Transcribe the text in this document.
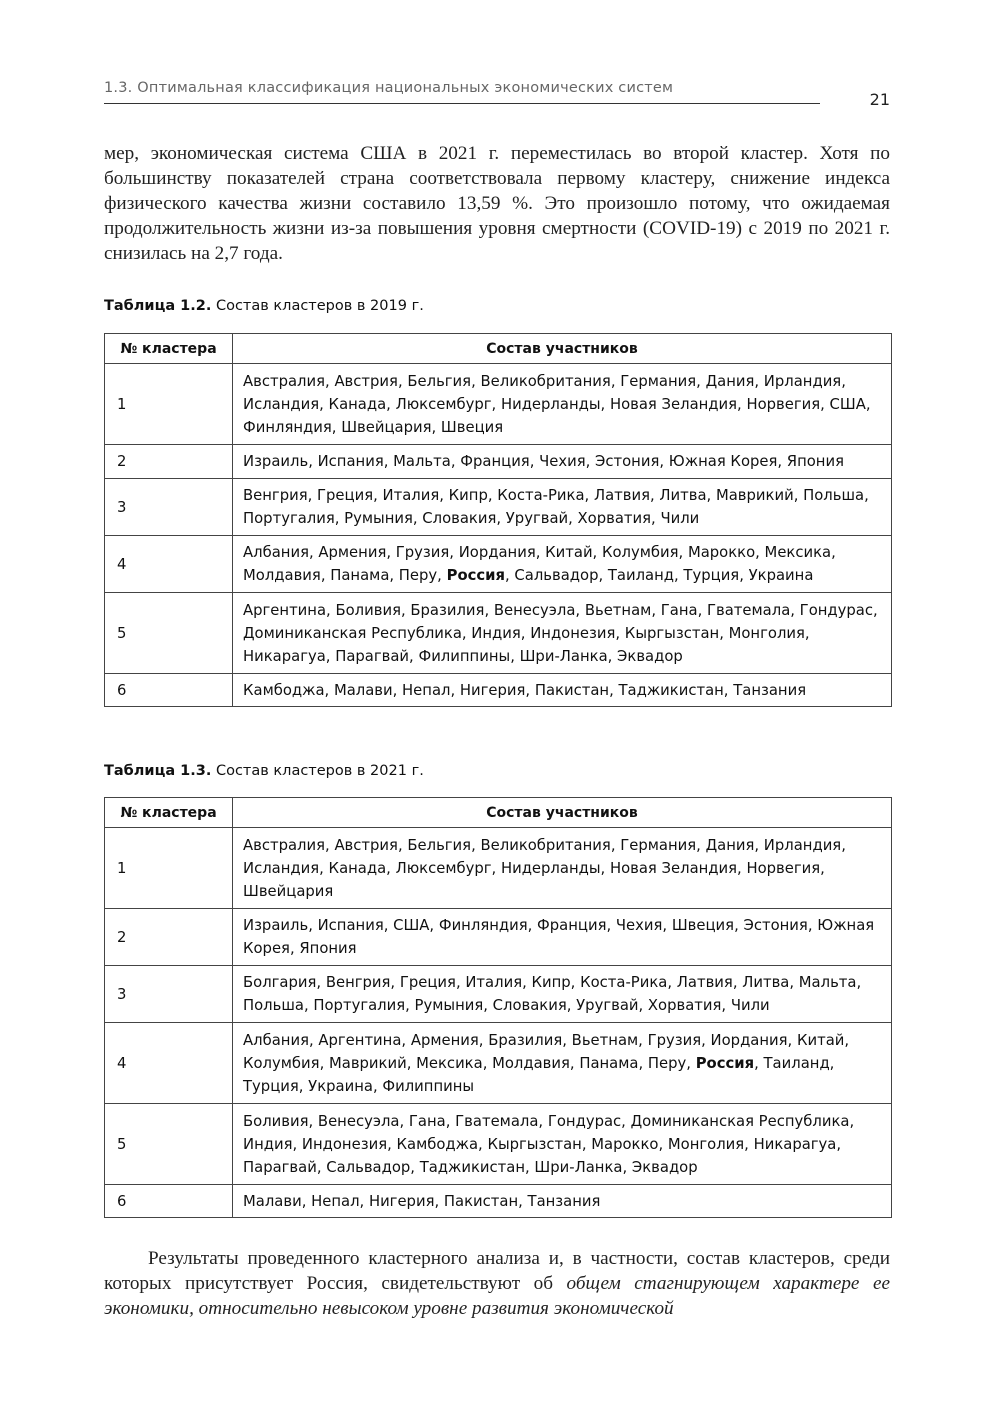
1.3. Оптимальная классификация национальных экономических систем
21

мер, экономическая система США в 2021 г. переместилась во второй кластер. Хотя по большинству показателей страна соответствовала первому кластеру, снижение индекса физического качества жизни составило 13,59 %. Это произошло потому, что ожидаемая продолжительность жизни из-за повышения уровня смертности (COVID-19) с 2019 по 2021 г. снизилась на 2,7 года.

Таблица 1.2. Состав кластеров в 2019 г.

№ кластера	Состав участников
1	Австралия, Австрия, Бельгия, Великобритания, Германия, Дания, Ирландия, Исландия, Канада, Люксембург, Нидерланды, Новая Зеландия, Норвегия, США, Финляндия, Швейцария, Швеция
2	Израиль, Испания, Мальта, Франция, Чехия, Эстония, Южная Корея, Япония
3	Венгрия, Греция, Италия, Кипр, Коста-Рика, Латвия, Литва, Маврикий, Польша, Португалия, Румыния, Словакия, Уругвай, Хорватия, Чили
4	Албания, Армения, Грузия, Иордания, Китай, Колумбия, Марокко, Мексика, Молдавия, Панама, Перу, Россия, Сальвадор, Таиланд, Турция, Украина
5	Аргентина, Боливия, Бразилия, Венесуэла, Вьетнам, Гана, Гватемала, Гондурас, Доминиканская Республика, Индия, Индонезия, Кыргызстан, Монголия, Никарагуа, Парагвай, Филиппины, Шри-Ланка, Эквадор
6	Камбоджа, Малави, Непал, Нигерия, Пакистан, Таджикистан, Танзания

Таблица 1.3. Состав кластеров в 2021 г.

№ кластера	Состав участников
1	Австралия, Австрия, Бельгия, Великобритания, Германия, Дания, Ирландия, Исландия, Канада, Люксембург, Нидерланды, Новая Зеландия, Норвегия, Швейцария
2	Израиль, Испания, США, Финляндия, Франция, Чехия, Швеция, Эстония, Южная Корея, Япония
3	Болгария, Венгрия, Греция, Италия, Кипр, Коста-Рика, Латвия, Литва, Мальта, Польша, Португалия, Румыния, Словакия, Уругвай, Хорватия, Чили
4	Албания, Аргентина, Армения, Бразилия, Вьетнам, Грузия, Иордания, Китай, Колумбия, Маврикий, Мексика, Молдавия, Панама, Перу, Россия, Таиланд, Турция, Украина, Филиппины
5	Боливия, Венесуэла, Гана, Гватемала, Гондурас, Доминиканская Республика, Индия, Индонезия, Камбоджа, Кыргызстан, Марокко, Монголия, Никарагуа, Парагвай, Сальвадор, Таджикистан, Шри-Ланка, Эквадор
6	Малави, Непал, Нигерия, Пакистан, Танзания

Результаты проведенного кластерного анализа и, в частности, состав кластеров, среди которых присутствует Россия, свидетельствуют об общем стагнирующем характере ее экономики, относительно невысоком уровне развития экономической
